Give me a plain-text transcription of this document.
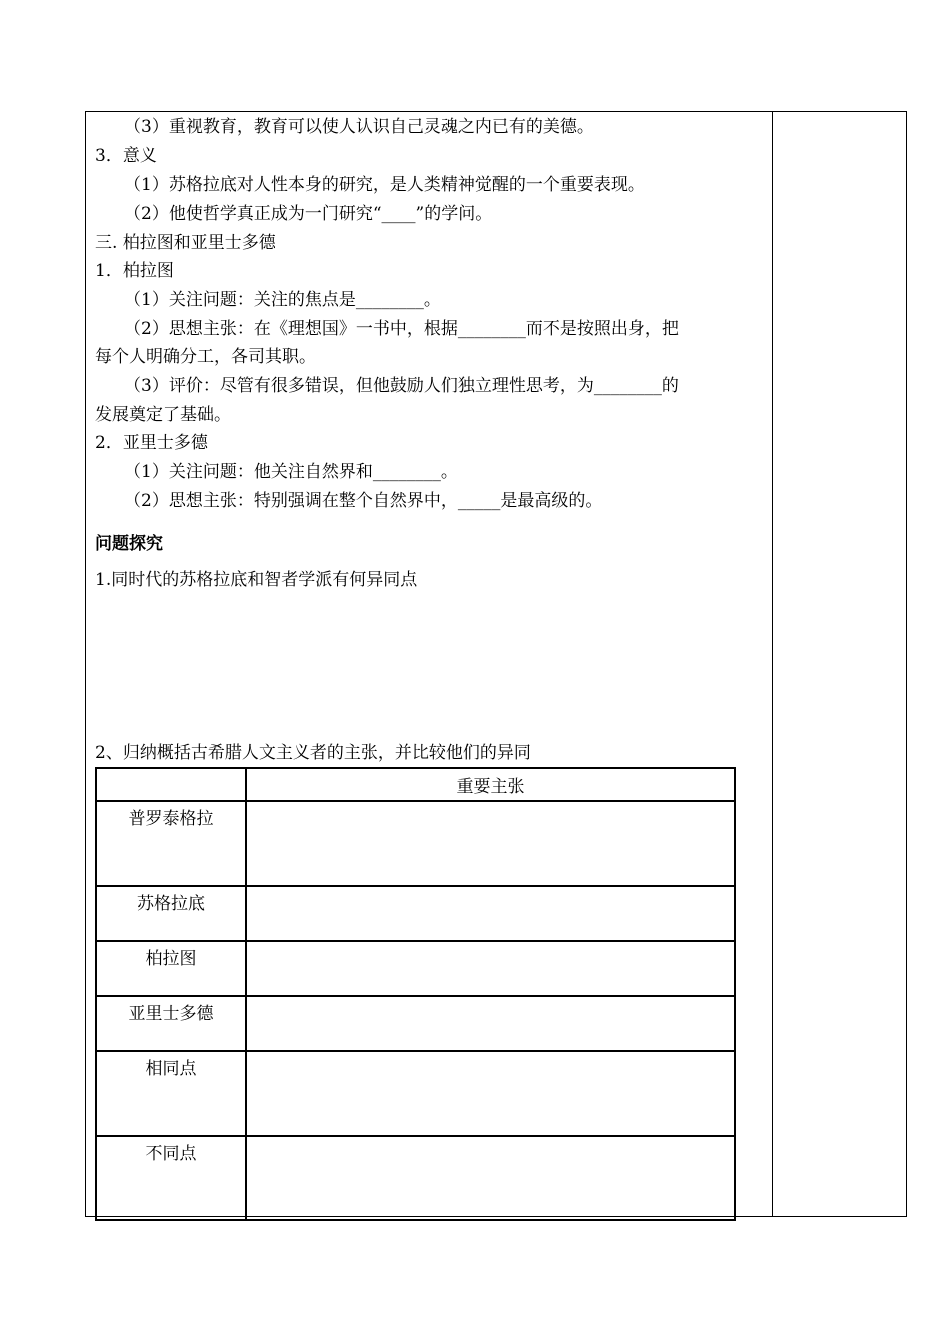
（3）重视教育，教育可以使人认识自己灵魂之内已有的美德。
3．意义
（1）苏格拉底对人性本身的研究，是人类精神觉醒的一个重要表现。
（2）他使哲学真正成为一门研究“____”的学问。
三. 柏拉图和亚里士多德
1．柏拉图
（1）关注问题：关注的焦点是________。
（2）思想主张：在《理想国》一书中，根据________而不是按照出身，把
每个人明确分工，各司其职。
（3）评价：尽管有很多错误，但他鼓励人们独立理性思考，为________的
发展奠定了基础。
2．亚里士多德
（1）关注问题：他关注自然界和________。
（2）思想主张：特别强调在整个自然界中，_____是最高级的。
问题探究
1.同时代的苏格拉底和智者学派有何异同点
2、归纳概括古希腊人文主义者的主张，并比较他们的异同
	重要主张
普罗泰格拉	
苏格拉底	
柏拉图	
亚里士多德	
相同点	
不同点	
